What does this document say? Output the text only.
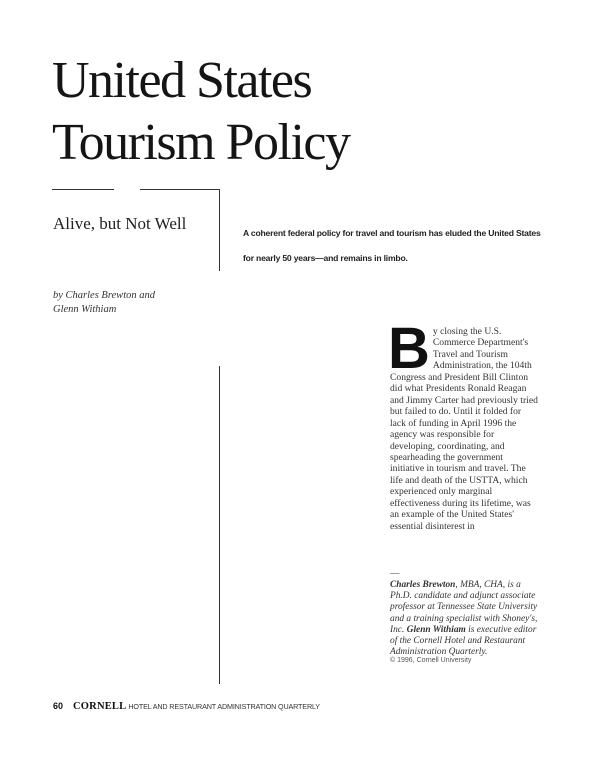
United States
Tourism Policy
Alive, but Not Well	A coherent federal policy for travel and tourism has eluded the United States for nearly 50 years—and remains in limbo.

by Charles Brewton and
Glenn Withiam

B y closing the U.S. Commerce Department's Travel and Tourism Administration, the 104th Congress and President Bill Clinton did what Presidents Ronald Reagan and Jimmy Carter had previously tried but failed to do. Until it folded for lack of funding in April 1996 the agency was responsible for developing, coordinating, and spearheading the government initiative in tourism and travel. The life and death of the USTTA, which experienced only marginal effectiveness during its lifetime, was an example of the United States' essential disinterest in

—
Charles Brewton, MBA, CHA, is a Ph.D. candidate and adjunct associate professor at Tennessee State University and a training specialist with Shoney's, Inc. Glenn Withiam is executive editor of the Cornell Hotel and Restaurant Administration Quarterly.
© 1996, Cornell University
60 CORNELL HOTEL AND RESTAURANT ADMINISTRATION QUARTERLY
